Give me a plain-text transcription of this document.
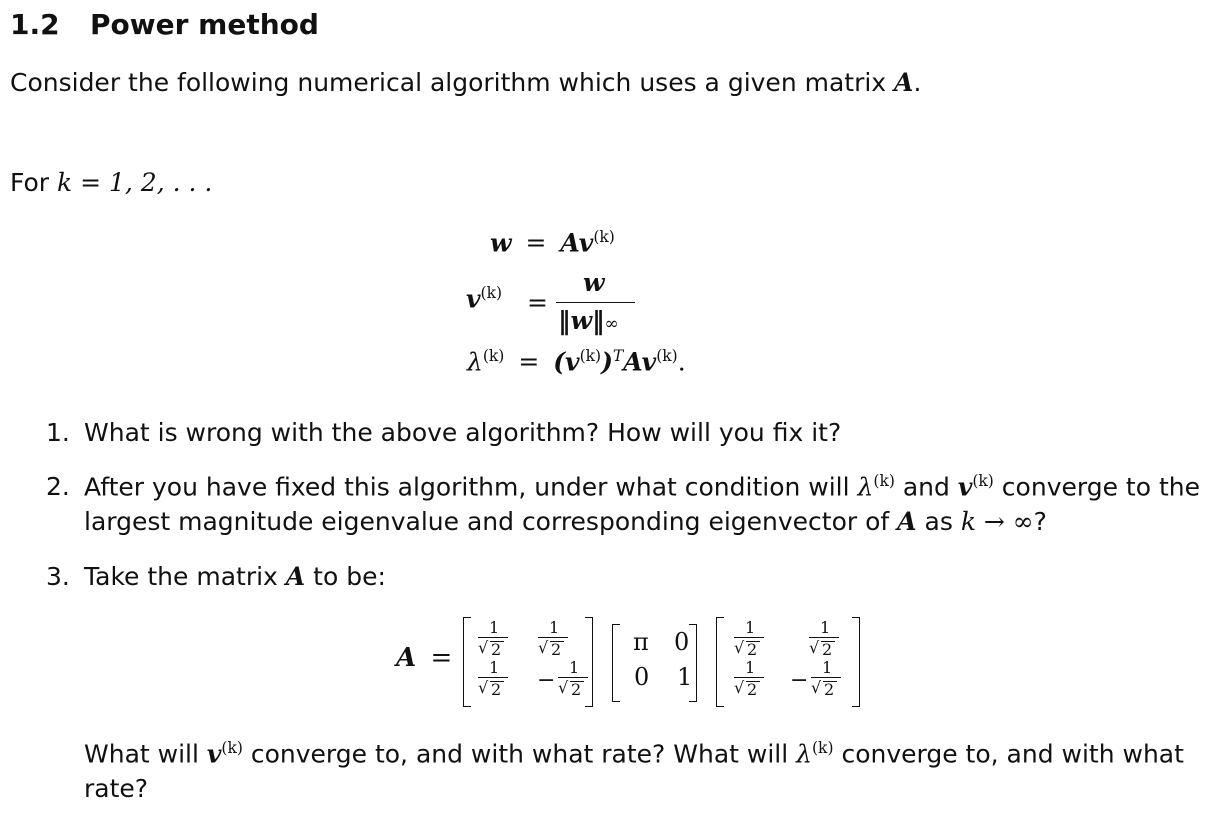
1.2 Power method
Consider the following numerical algorithm which uses a given matrix A.
For k = 1, 2, . . .
$w = Av^{(k)}$
$v^{(k)}$ =
w
‖w‖∞
$\lambda^{(k)} = (v^{(k)})^TAv^{(k)}$.
1. What is wrong with the above algorithm? How will you fix it?
2. After you have fixed this algorithm, under what condition will $\lambda^{(k)}$ and $v^{(k)}$ converge to the
largest magnitude eigenvalue and corresponding eigenvector of A as k → ∞?
3. Take the matrix A to be:
A =
π 0
0 1
What will $v^{(k)}$ converge to, and with what rate? What will $\lambda^{(k)}$ converge to, and with what
rate?
1
√ 2
1
√ 2
1
√ 2 −
1
√ 2
1
√ 2
1
√ 2
1
√ 2 −
1
√ 2
